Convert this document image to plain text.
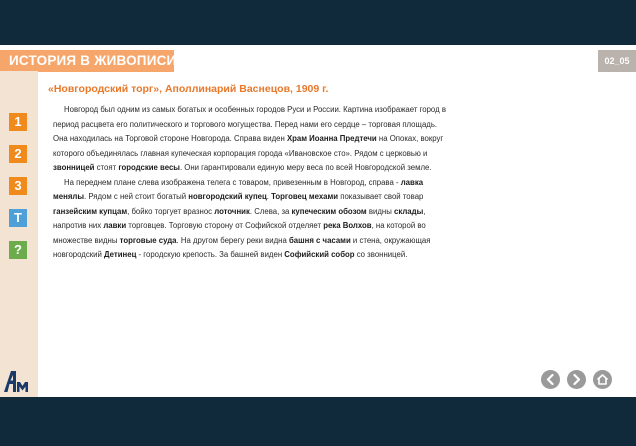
ИСТОРИЯ В ЖИВОПИСИ	02_05
1
2
3
T
?
«Новгородский торг», Аполлинарий Васнецов, 1909 г.

Новгород был одним из самых богатых и особенных городов Руси и России. Картина изображает город в период расцвета его политического и торгового могущества. Перед нами его сердце – торговая площадь. Она находилась на Торговой стороне Новгорода. Справа виден Храм Иоанна Предтечи на Опоках, вокруг которого объединялась главная купеческая корпорация города «Ивановское сто». Рядом с церковью и звонницей стоят городские весы. Они гарантировали единую меру веса по всей Новгородской земле.

На переднем плане слева изображена телега с товаром, привезенным в Новгород, справа - лавка менялы. Рядом с ней стоит богатый новгородский купец. Торговец мехами показывает свой товар ганзейским купцам, бойко торгует вразнос лоточник. Слева, за купеческим обозом видны склады, напротив них лавки торговцев. Торговую сторону от Софийской отделяет река Волхов, на которой во множестве видны торговые суда. На другом берегу реки видна башня с часами и стена, окружающая новгородский Детинец - городскую крепость. За башней виден Софийский собор со звонницей.
